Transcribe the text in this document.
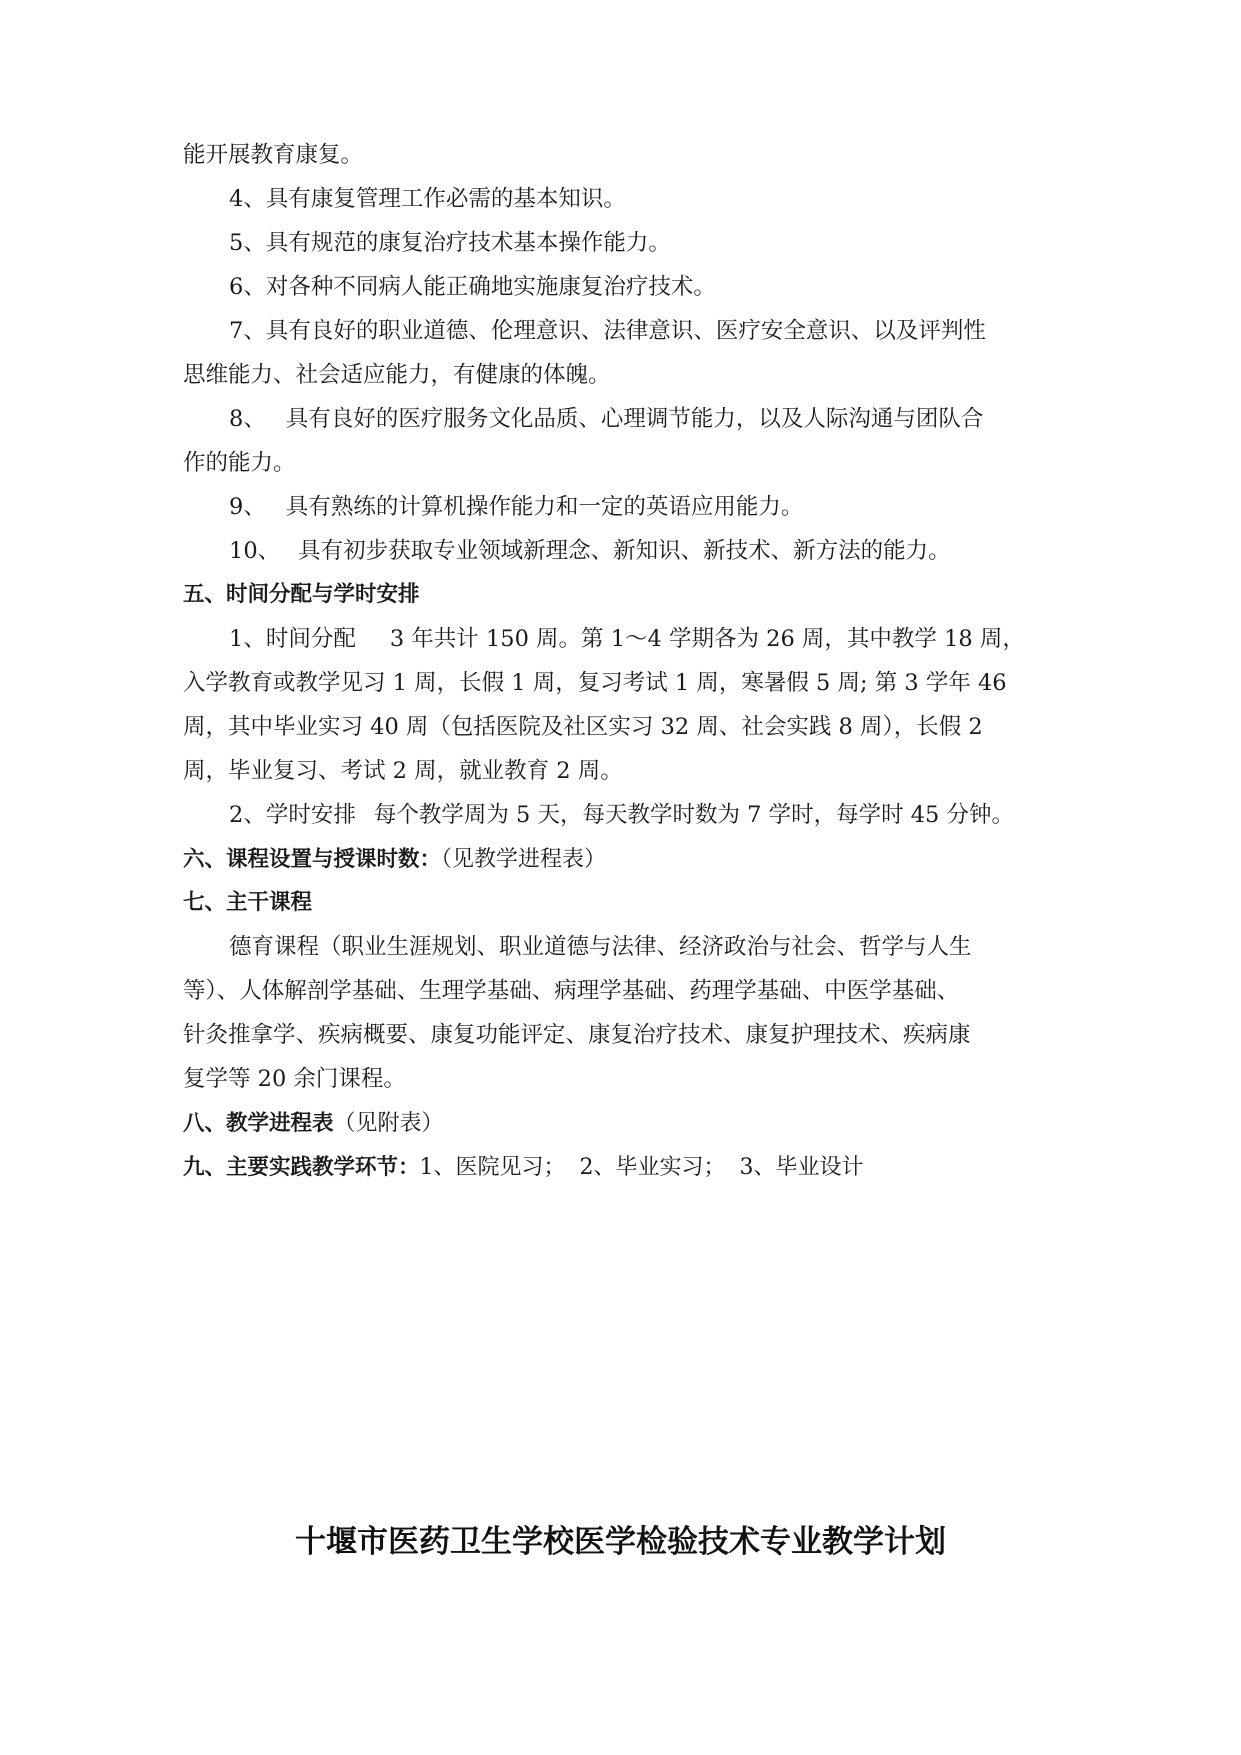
能开展教育康复。
4、具有康复管理工作必需的基本知识。
5、具有规范的康复治疗技术基本操作能力。
6、对各种不同病人能正确地实施康复治疗技术。
7、具有良好的职业道德、伦理意识、法律意识、医疗安全意识、以及评判性
思维能力、社会适应能力，有健康的体魄。
8、 具有良好的医疗服务文化品质、心理调节能力，以及人际沟通与团队合
作的能力。
9、 具有熟练的计算机操作能力和一定的英语应用能力。
10、 具有初步获取专业领域新理念、新知识、新技术、新方法的能力。
五、时间分配与学时安排
1、时间分配 3 年共计 150 周。第 1～4 学期各为 26 周，其中教学 18 周，
入学教育或教学见习 1 周，长假 1 周，复习考试 1 周，寒暑假 5 周; 第 3 学年 46
周，其中毕业实习 40 周（包括医院及社区实习 32 周、社会实践 8 周），长假 2
周，毕业复习、考试 2 周，就业教育 2 周。
2、学时安排 每个教学周为 5 天，每天教学时数为 7 学时，每学时 45 分钟。
六、课程设置与授课时数：（见教学进程表）
七、主干课程
德育课程（职业生涯规划、职业道德与法律、经济政治与社会、哲学与人生
等）、人体解剖学基础、生理学基础、病理学基础、药理学基础、中医学基础、
针灸推拿学、疾病概要、康复功能评定、康复治疗技术、康复护理技术、疾病康
复学等 20 余门课程。
八、教学进程表（见附表）
九、主要实践教学环节：1、医院见习；  2、毕业实习；  3、毕业设计
十堰市医药卫生学校医学检验技术专业教学计划
